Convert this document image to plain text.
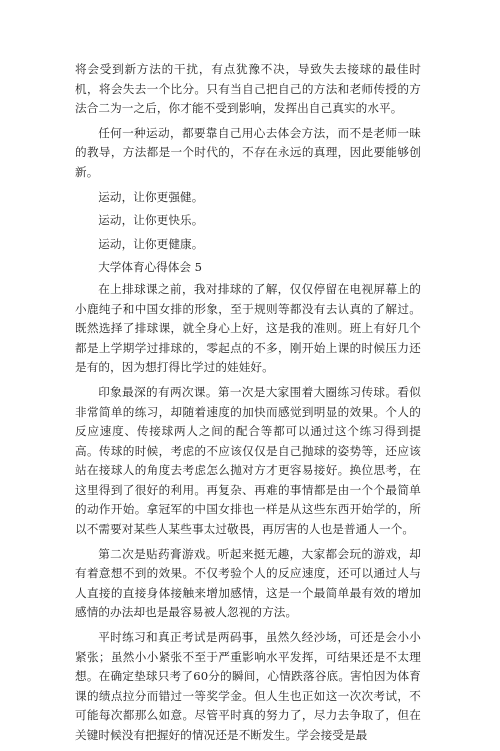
将会受到新方法的干扰，有点犹豫不决，导致失去接球的最佳时机，将会失去一个比分。只有当自己把自己的方法和老师传授的方法合二为一之后，你才能不受到影响，发挥出自己真实的水平。

任何一种运动，都要靠自己用心去体会方法，而不是老师一昧的教导，方法都是一个时代的，不存在永远的真理，因此要能够创新。

运动，让你更强健。

运动，让你更快乐。

运动，让你更健康。

大学体育心得体会 5

在上排球课之前，我对排球的了解，仅仅停留在电视屏幕上的小鹿纯子和中国女排的形象，至于规则等都没有去认真的了解过。既然选择了排球课，就全身心上好，这是我的准则。班上有好几个都是上学期学过排球的，零起点的不多，刚开始上课的时候压力还是有的，因为想打得比学过的娃娃好。

印象最深的有两次课。第一次是大家围着大圈练习传球。看似非常简单的练习，却随着速度的加快而感觉到明显的效果。个人的反应速度、传接球两人之间的配合等都可以通过这个练习得到提高。传球的时候，考虑的不应该仅仅是自己抛球的姿势等，还应该站在接球人的角度去考虑怎么抛对方才更容易接好。换位思考，在这里得到了很好的利用。再复杂、再难的事情都是由一个个最简单的动作开始。拿冠军的中国女排也一样是从这些东西开始学的，所以不需要对某些人某些事太过敬畏，再厉害的人也是普通人一个。

第二次是贴药膏游戏。听起来挺无趣，大家都会玩的游戏，却有着意想不到的效果。不仅考验个人的反应速度，还可以通过人与人直接的直接身体接触来增加感情，这是一个最简单最有效的增加感情的办法却也是最容易被人忽视的方法。

平时练习和真正考试是两码事，虽然久经沙场，可还是会小小紧张；虽然小小紧张不至于严重影响水平发挥，可结果还是不太理想。在确定垫球只考了60分的瞬间，心情跌落谷底。害怕因为体育课的绩点拉分而错过一等奖学金。但人生也正如这一次次考试，不可能每次都那么如意。尽管平时真的努力了，尽力去争取了，但在关键时候没有把握好的情况还是不断发生。学会接受是最
